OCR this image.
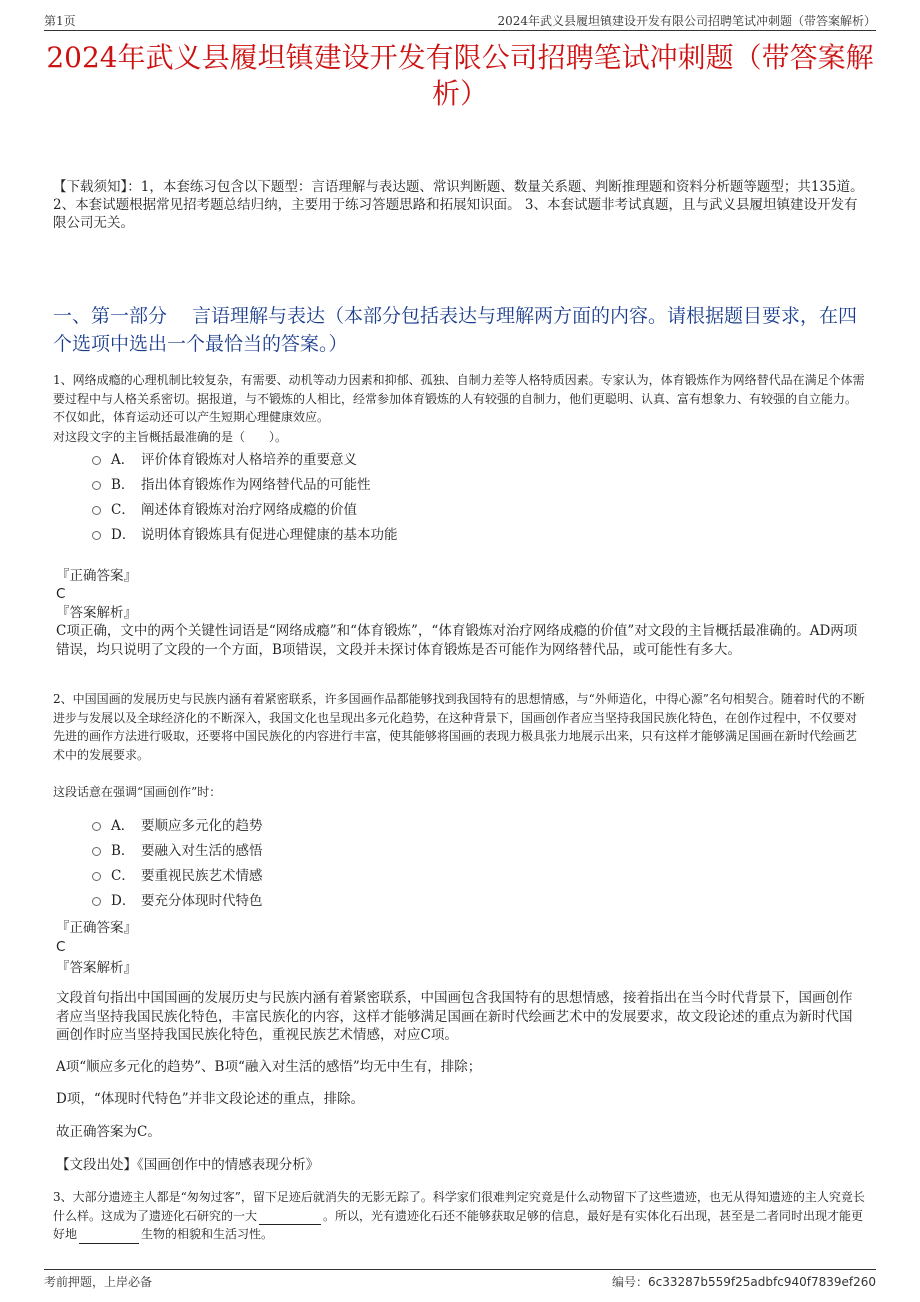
第1页	2024年武义县履坦镇建设开发有限公司招聘笔试冲刺题（带答案解析）
2024年武义县履坦镇建设开发有限公司招聘笔试冲刺题（带答案解析）
【下载须知】：1，本套练习包含以下题型：言语理解与表达题、常识判断题、数量关系题、判断推理题和资料分析题等题型；共135道。 2、本套试题根据常见招考题总结归纳，主要用于练习答题思路和拓展知识面。 3、本套试题非考试真题，且与武义县履坦镇建设开发有限公司无关。
一、第一部分　 言语理解与表达（本部分包括表达与理解两方面的内容。请根据题目要求，在四个选项中选出一个最恰当的答案。）
1、网络成瘾的心理机制比较复杂，有需要、动机等动力因素和抑郁、孤独、自制力差等人格特质因素。专家认为，体育锻炼作为网络替代品在满足个体需要过程中与人格关系密切。据报道，与不锻炼的人相比，经常参加体育锻炼的人有较强的自制力，他们更聪明、认真、富有想象力、有较强的自立能力。不仅如此，体育运动还可以产生短期心理健康效应。
对这段文字的主旨概括最准确的是（　　）。
A． 评价体育锻炼对人格培养的重要意义
B． 指出体育锻炼作为网络替代品的可能性
C． 阐述体育锻炼对治疗网络成瘾的价值
D． 说明体育锻炼具有促进心理健康的基本功能
『正确答案』
C
『答案解析』
C项正确，文中的两个关键性词语是“网络成瘾”和“体育锻炼”，“体育锻炼对治疗网络成瘾的价值”对文段的主旨概括最准确的。AD两项错误，均只说明了文段的一个方面，B项错误，文段并未探讨体育锻炼是否可能作为网络替代品，或可能性有多大。
2、中国国画的发展历史与民族内涵有着紧密联系，许多国画作品都能够找到我国特有的思想情感，与“外师造化，中得心源”名句相契合。随着时代的不断进步与发展以及全球经济化的不断深入，我国文化也呈现出多元化趋势，在这种背景下，国画创作者应当坚持我国民族化特色，在创作过程中，不仅要对先进的画作方法进行吸取，还要将中国民族化的内容进行丰富，使其能够将国画的表现力极具张力地展示出来，只有这样才能够满足国画在新时代绘画艺术中的发展要求。
这段话意在强调“国画创作”时：
A． 要顺应多元化的趋势
B． 要融入对生活的感悟
C． 要重视民族艺术情感
D． 要充分体现时代特色
『正确答案』
C
『答案解析』
文段首句指出中国国画的发展历史与民族内涵有着紧密联系，中国画包含我国特有的思想情感，接着指出在当今时代背景下，国画创作者应当坚持我国民族化特色，丰富民族化的内容，这样才能够满足国画在新时代绘画艺术中的发展要求，故文段论述的重点为新时代国画创作时应当坚持我国民族化特色，重视民族艺术情感，对应C项。
A项“顺应多元化的趋势”、B项“融入对生活的感悟”均无中生有，排除；
D项，“体现时代特色”并非文段论述的重点，排除。
故正确答案为C。
【文段出处】《国画创作中的情感表现分析》
3、大部分遗迹主人都是“匆匆过客”，留下足迹后就消失的无影无踪了。科学家们很难判定究竟是什么动物留下了这些遗迹，也无从得知遗迹的主人究竟长什么样。这成为了遗迹化石研究的一大	。所以，光有遗迹化石还不能够获取足够的信息，最好是有实体化石出现，甚至是二者同时出现才能更好地	生物的相貌和生活习性。
考前押题，上岸必备	编号：6c33287b559f25adbfc940f7839ef260
